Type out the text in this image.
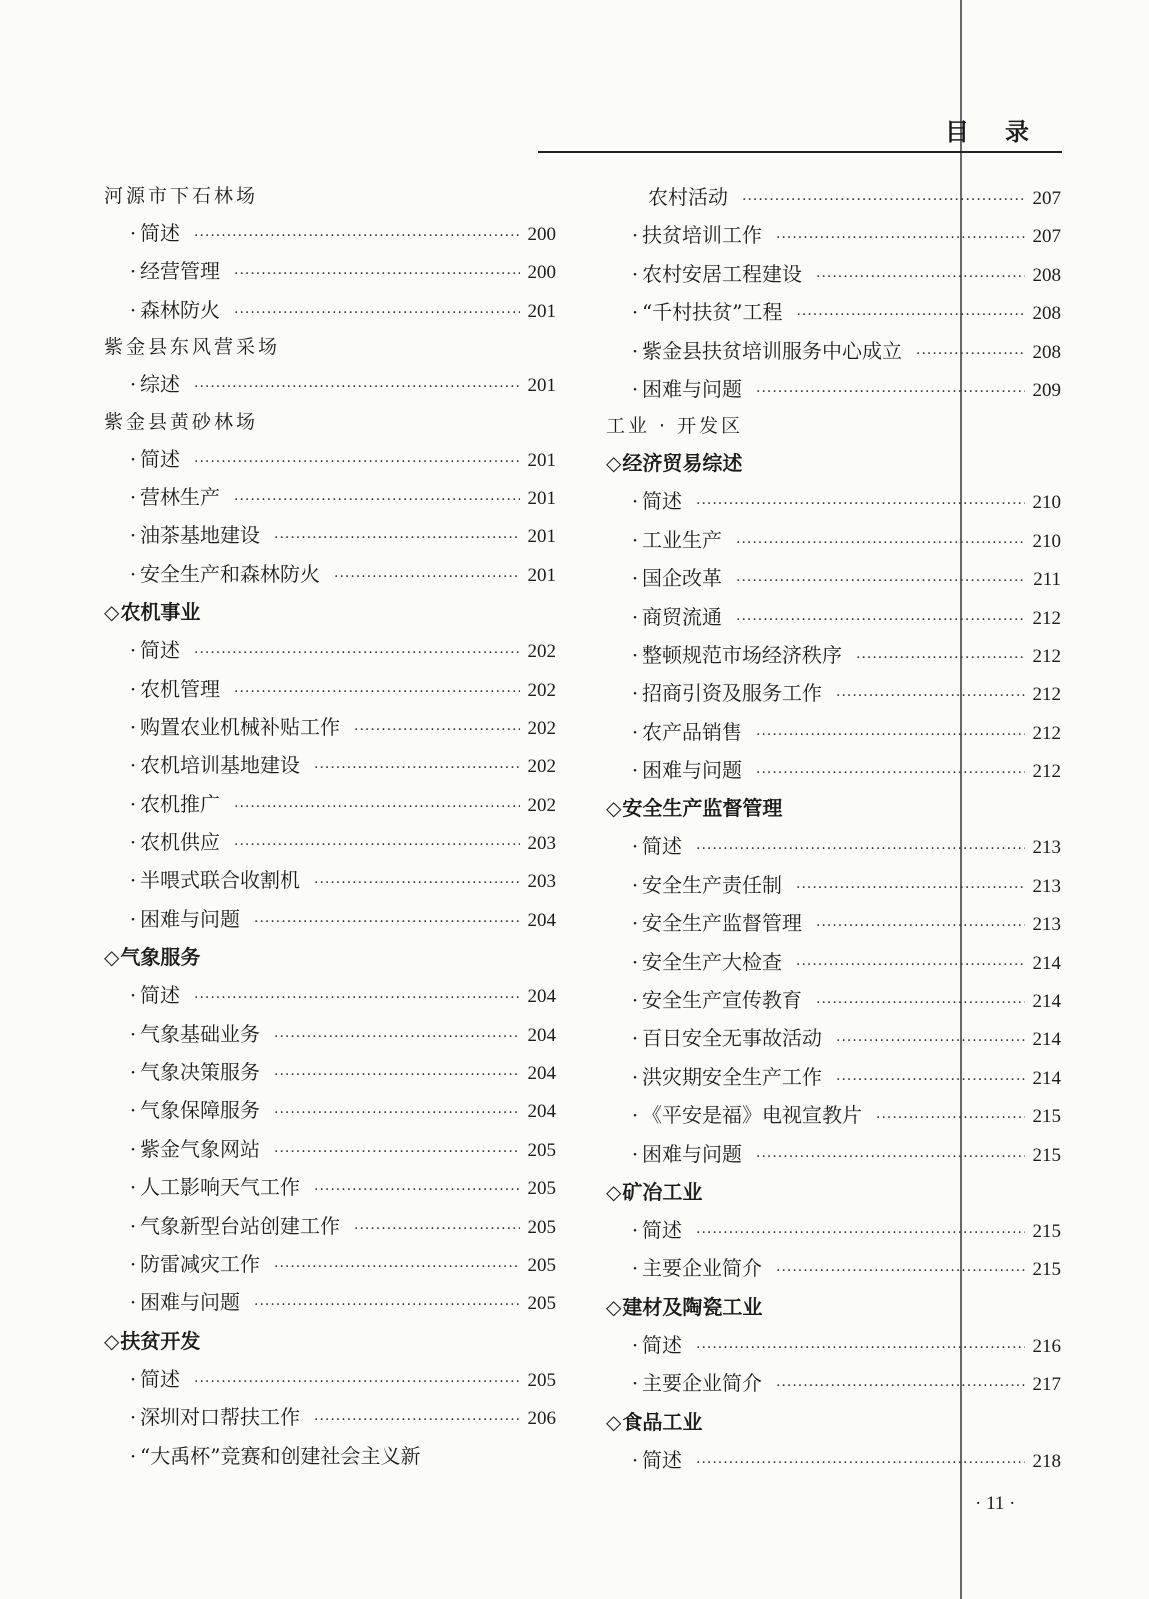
目录
河源市下石林场
· 简述 ·····	200
· 经营管理 ·····	200
· 森林防火 ·····	201
紫金县东风营采场
· 综述 ·····	201
紫金县黄砂林场
· 简述 ·····	201
· 营林生产 ·····	201
· 油茶基地建设 ·····	201
· 安全生产和森林防火 ·····	201
◇农机事业
· 简述 ·····	202
· 农机管理 ·····	202
· 购置农业机械补贴工作 ·····	202
· 农机培训基地建设 ·····	202
· 农机推广 ·····	202
· 农机供应 ·····	203
· 半喂式联合收割机 ·····	203
· 困难与问题 ·····	204
◇气象服务
· 简述 ·····	204
· 气象基础业务 ·····	204
· 气象决策服务 ·····	204
· 气象保障服务 ·····	204
· 紫金气象网站 ·····	205
· 人工影响天气工作 ·····	205
· 气象新型台站创建工作 ·····	205
· 防雷减灾工作 ·····	205
· 困难与问题 ·····	205
◇扶贫开发
· 简述 ·····	205
· 深圳对口帮扶工作 ·····	206
· “大禹杯”竞赛和创建社会主义新
农村活动 ·····	207
· 扶贫培训工作 ·····	207
· 农村安居工程建设 ·····	208
· “千村扶贫”工程 ·····	208
· 紫金县扶贫培训服务中心成立 ·····	208
· 困难与问题 ·····	209
工业 · 开发区
◇经济贸易综述
· 简述 ·····	210
· 工业生产 ·····	210
· 国企改革 ·····	211
· 商贸流通 ·····	212
· 整顿规范市场经济秩序 ·····	212
· 招商引资及服务工作 ·····	212
· 农产品销售 ·····	212
· 困难与问题 ·····	212
◇安全生产监督管理
· 简述 ·····	213
· 安全生产责任制 ·····	213
· 安全生产监督管理 ·····	213
· 安全生产大检查 ·····	214
· 安全生产宣传教育 ·····	214
· 百日安全无事故活动 ·····	214
· 洪灾期安全生产工作 ·····	214
· 《平安是福》电视宣教片 ·····	215
· 困难与问题 ·····	215
◇矿冶工业
· 简述 ·····	215
· 主要企业简介 ·····	215
◇建材及陶瓷工业
· 简述 ·····	216
· 主要企业简介 ·····	217
◇食品工业
· 简述 ·····	218
· 11 ·
